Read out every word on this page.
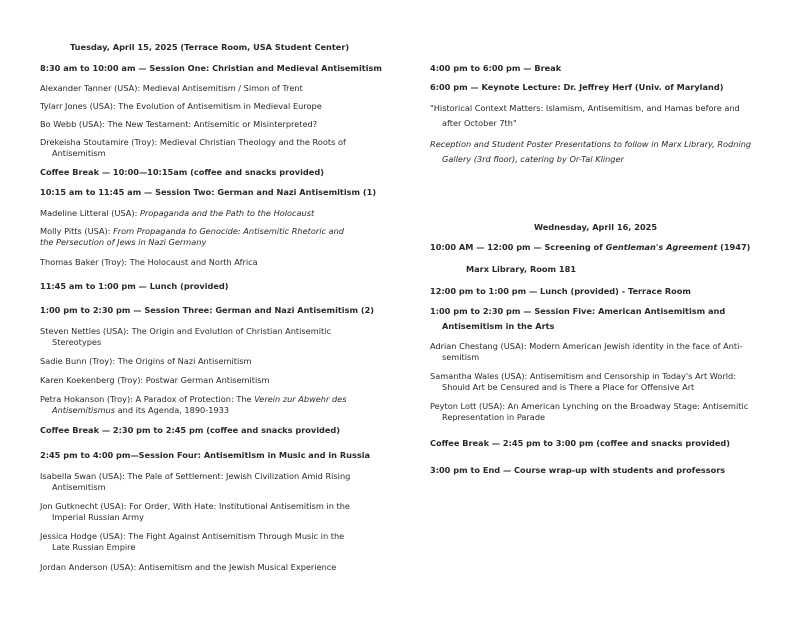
Tuesday, April 15, 2025 (Terrace Room, USA Student Center)
8:30 am to 10:00 am — Session One: Christian and Medieval Antisemitism
Alexander Tanner (USA): Medieval Antisemitism / Simon of Trent
Tylarr Jones (USA): The Evolution of Antisemitism in Medieval Europe
Bo Webb (USA): The New Testament: Antisemitic or Misinterpreted?
Drekeisha Stoutamire (Troy): Medieval Christian Theology and the Roots of
Antisemitism
Coffee Break — 10:00—10:15am (coffee and snacks provided)
10:15 am to 11:45 am — Session Two: German and Nazi Antisemitism (1)
Madeline Litteral (USA): Propaganda and the Path to the Holocaust
Molly Pitts (USA): From Propaganda to Genocide: Antisemitic Rhetoric and
the Persecution of Jews in Nazi Germany
Thomas Baker (Troy): The Holocaust and North Africa
11:45 am to 1:00 pm — Lunch (provided)
1:00 pm to 2:30 pm — Session Three: German and Nazi Antisemitism (2)
Steven Nettles (USA): The Origin and Evolution of Christian Antisemitic
Stereotypes
Sadie Bunn (Troy): The Origins of Nazi Antisemitism
Karen Koekenberg (Troy): Postwar German Antisemitism
Petra Hokanson (Troy): A Paradox of Protection: The Verein zur Abwehr des
Antisemitismus and its Agenda, 1890-1933
Coffee Break — 2:30 pm to 2:45 pm (coffee and snacks provided)
2:45 pm to 4:00 pm—Session Four: Antisemitism in Music and in Russia
Isabella Swan (USA): The Pale of Settlement: Jewish Civilization Amid Rising
Antisemitism
Jon Gutknecht (USA): For Order, With Hate: Institutional Antisemitism in the
Imperial Russian Army
Jessica Hodge (USA): The Fight Against Antisemitism Through Music in the
Late Russian Empire
Jordan Anderson (USA): Antisemitism and the Jewish Musical Experience
4:00 pm to 6:00 pm — Break
6:00 pm — Keynote Lecture: Dr. Jeffrey Herf (Univ. of Maryland)
"Historical Context Matters: Islamism, Antisemitism, and Hamas before and
after October 7th"
Reception and Student Poster Presentations to follow in Marx Library, Rodning
Gallery (3rd floor), catering by Or-Tal Klinger
Wednesday, April 16, 2025
10:00 AM — 12:00 pm — Screening of Gentleman's Agreement (1947)
Marx Library, Room 181
12:00 pm to 1:00 pm — Lunch (provided) - Terrace Room
1:00 pm to 2:30 pm — Session Five: American Antisemitism and
Antisemitism in the Arts
Adrian Chestang (USA): Modern American Jewish identity in the face of Anti-
semitism
Samantha Wales (USA): Antisemitism and Censorship in Today's Art World:
Should Art be Censured and is There a Place for Offensive Art
Peyton Lott (USA): An American Lynching on the Broadway Stage: Antisemitic
Representation in Parade
Coffee Break — 2:45 pm to 3:00 pm (coffee and snacks provided)
3:00 pm to End — Course wrap-up with students and professors
